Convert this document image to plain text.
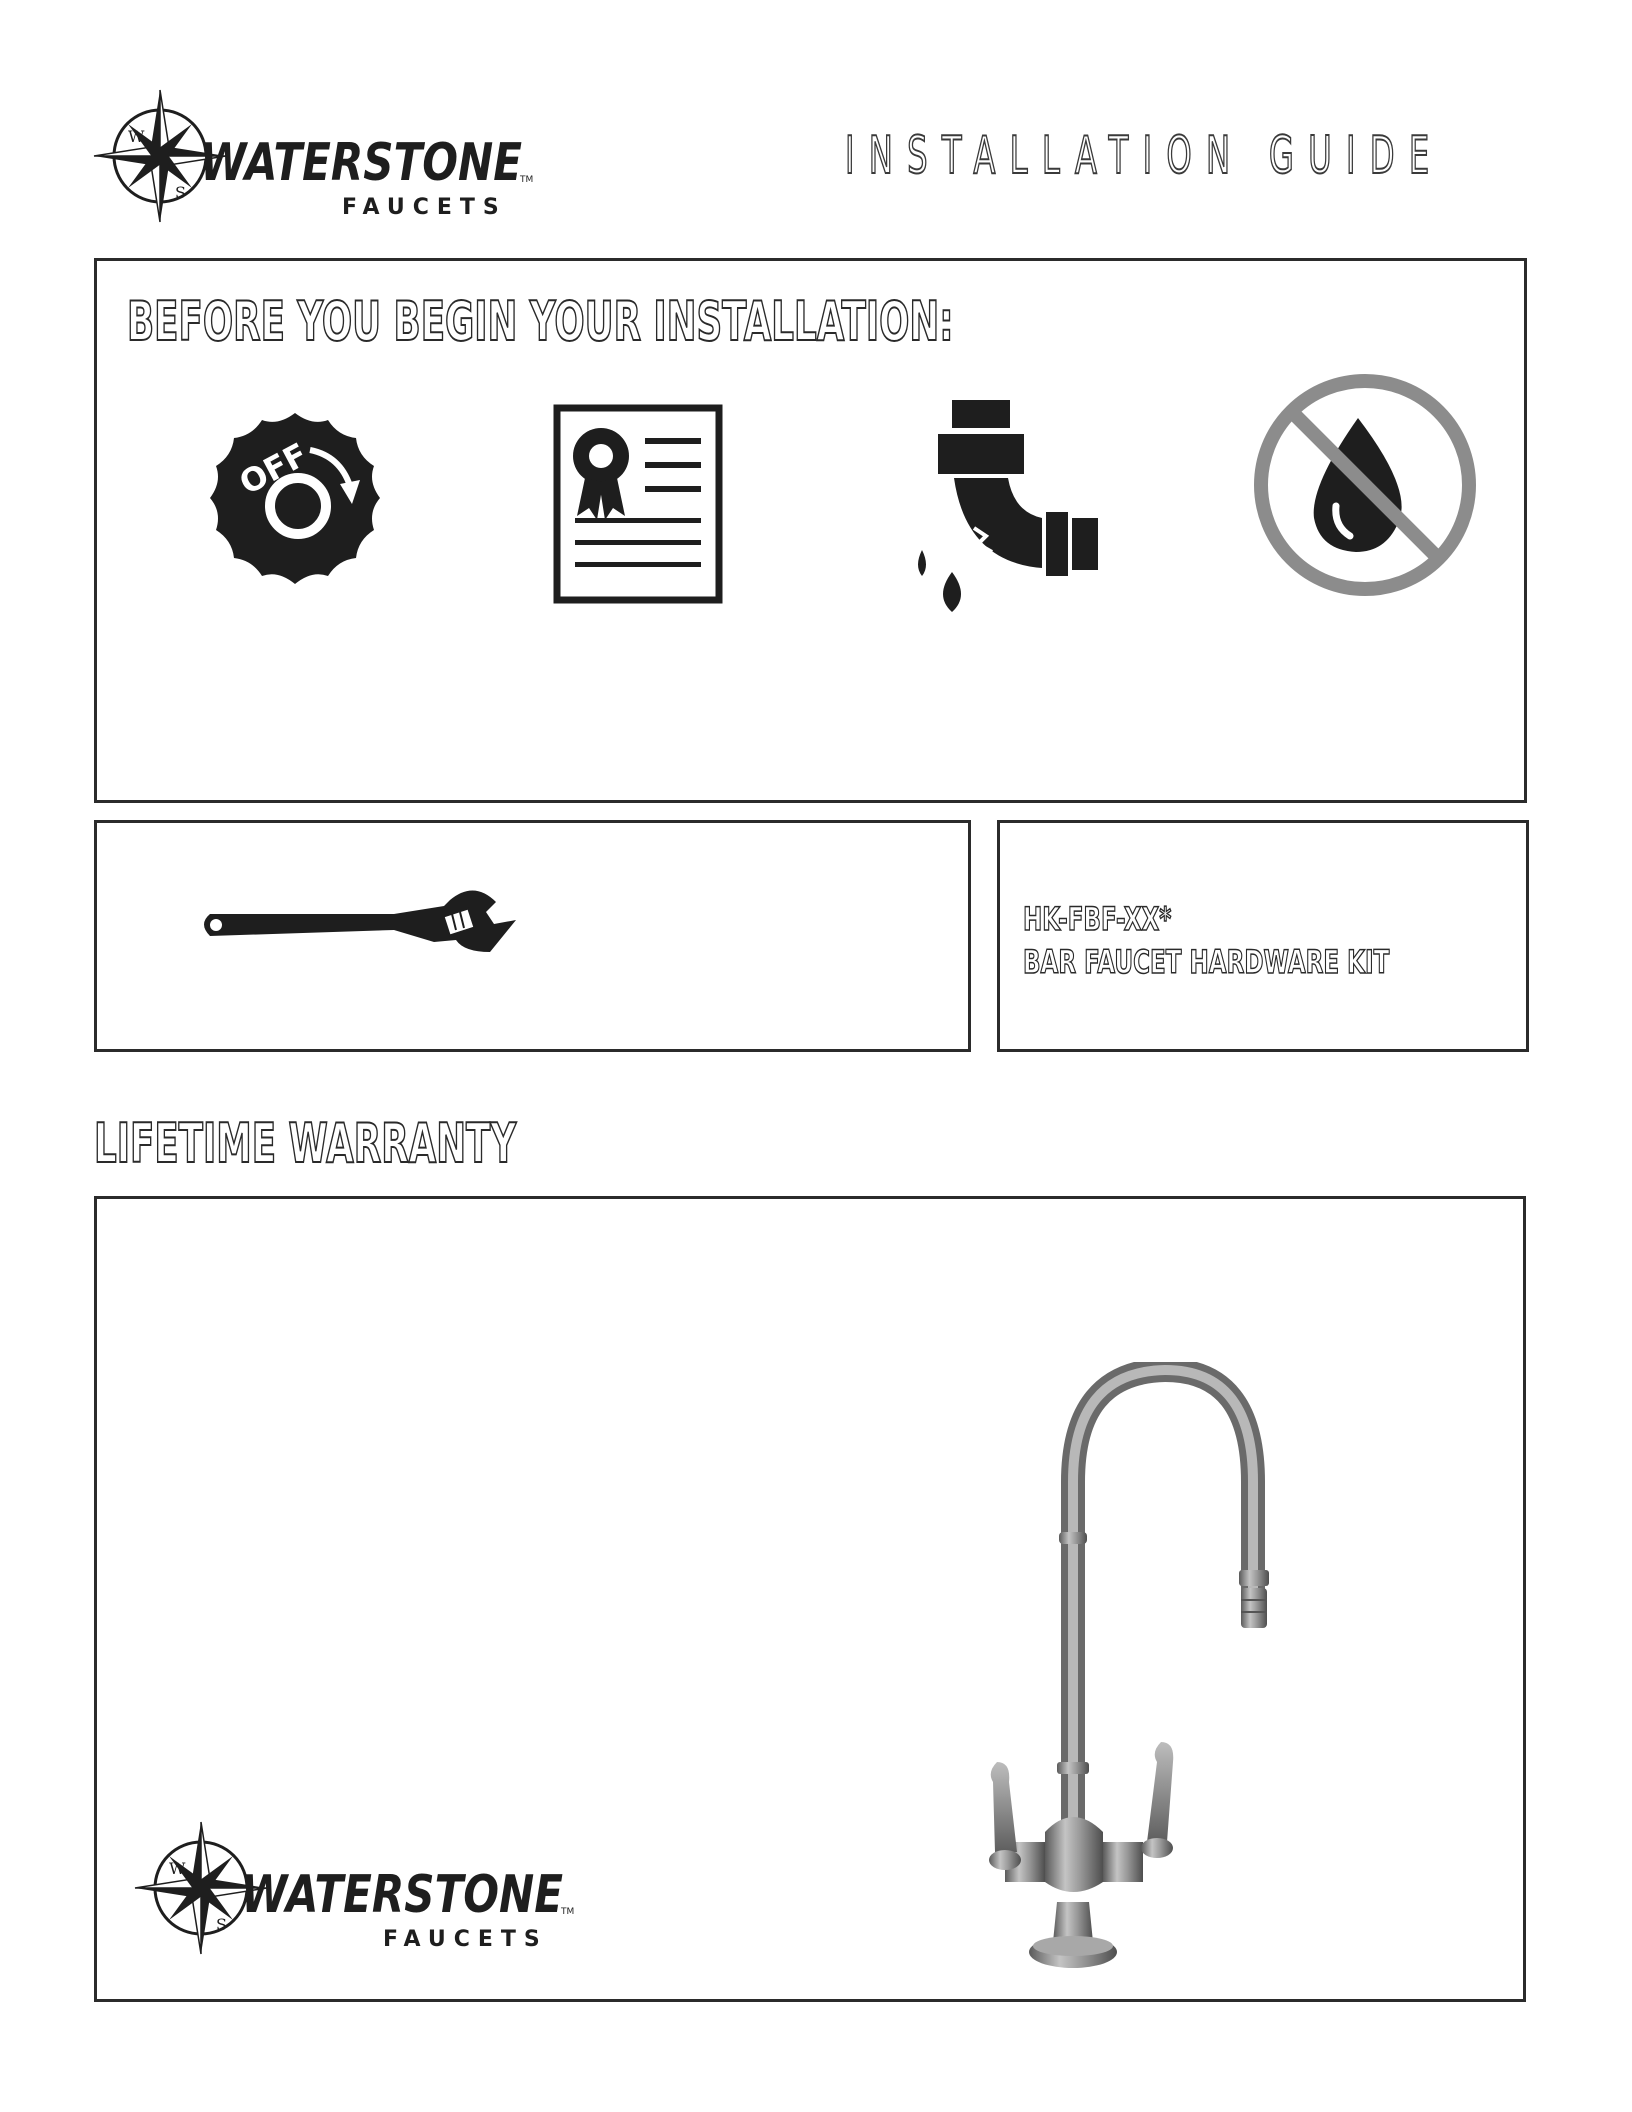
W
S WATERSTONE
TM
FAUCETS
INSTALLATION GUIDE
BEFORE YOU BEGIN YOUR INSTALLATION:
OFF
HK-FBF-XX*
BAR FAUCET HARDWARE KIT
LIFETIME WARRANTY
W
S WATERSTONE
TM
FAUCETS
